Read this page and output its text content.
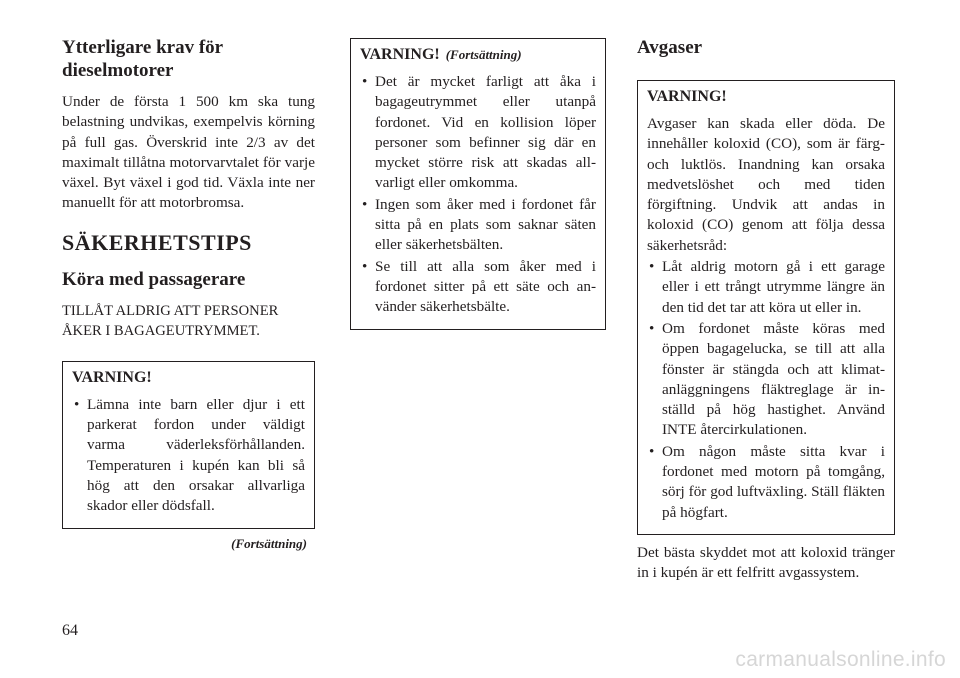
Ytterligare krav för
dieselmotorer

Under de första 1 500 km ska tung belastning undvikas, exempelvis körning på full gas. Överskrid inte 2/3 av det maximalt tillåtna motorvarvtalet för varje växel. Byt växel i god tid. Växla inte ner manuellt för att motorbromsa.

SÄKERHETSTIPS
Köra med passagerare
TILLÅT ALDRIG ATT PERSONER
ÅKER I BAGAGEUTRYMMET.
VARNING!
• Lämna inte barn eller djur i ett parkerat fordon under väldigt varma väderleksförhållanden. Temperaturen i kupén kan bli så hög att den orsakar allvarliga skador eller dödsfall.
(Fortsättning)
VARNING! (Fortsättning)
• Det är mycket farligt att åka i bagageutrymmet eller utanpå fordonet. Vid en kollision löper personer som befinner sig där en mycket större risk att skadas allvarligt eller omkomma.
• Ingen som åker med i fordonet får sitta på en plats som saknar säten eller säkerhetsbälten.
• Se till att alla som åker med i fordonet sitter på ett säte och använder säkerhetsbälte.
Avgaser
VARNING!

Avgaser kan skada eller döda. De innehåller koloxid (CO), som är färg- och luktlös. Inandning kan orsaka medvetslöshet och med tiden förgiftning. Undvik att andas in koloxid (CO) genom att följa dessa säkerhetsråd:

• Låt aldrig motorn gå i ett garage eller i ett trångt utrymme längre än den tid det tar att köra ut eller in.
• Om fordonet måste köras med öppen bagagelucka, se till att alla fönster är stängda och att klimatanläggningens fläktreglage är inställd på hög hastighet. Använd INTE återcirkulationen.
• Om någon måste sitta kvar i fordonet med motorn på tomgång, sörj för god luftväxling. Ställ fläkten på högfart.

Det bästa skyddet mot att koloxid tränger in i kupén är ett felfritt avgassystem.

64
carmanualsonline.info
